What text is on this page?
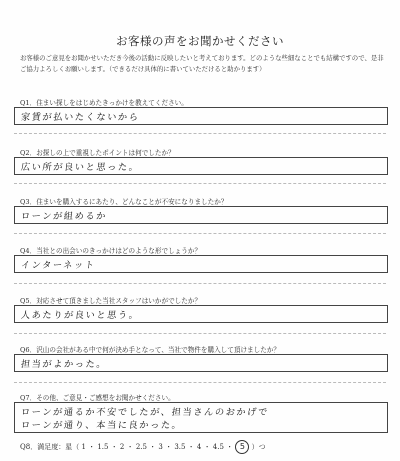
お客様の声をお聞かせください
お客様のご意見をお聞かせいただき今後の活動に反映したいと考えております。どのような些細なことでも結構ですので、是非ご協力よろしくお願いします。（できるだけ具体的に書いていただけると助かります）
Q1．住まい探しをはじめたきっかけを教えてください。
家賃が払いたくないから
Q2．お探しの上で重視したポイントは何でしたか？
広い所が良いと思った。
Q3．住まいを購入するにあたり、どんなことが不安になりましたか？
ローンが組めるか
Q4．当社との出会いのきっかけはどのような形でしょうか？
インターネット
Q5．対応させて頂きました当社スタッフはいかがでしたか？
人あたりが良いと思う。
Q6．沢山の会社がある中で何が決め手となって、当社で物件を購入して頂けましたか？
担当がよかった。
Q7．その他、ご意見・ご感想をお聞かせください。
ローンが通るか不安でしたが、担当さんのおかげで
ローンが通り、本当に良かった。
Q8．満足度：星（ 1 ・ 1.5 ・ 2 ・ 2.5 ・ 3 ・ 3.5 ・ 4 ・ 4.5 ・ 5 ）つ
